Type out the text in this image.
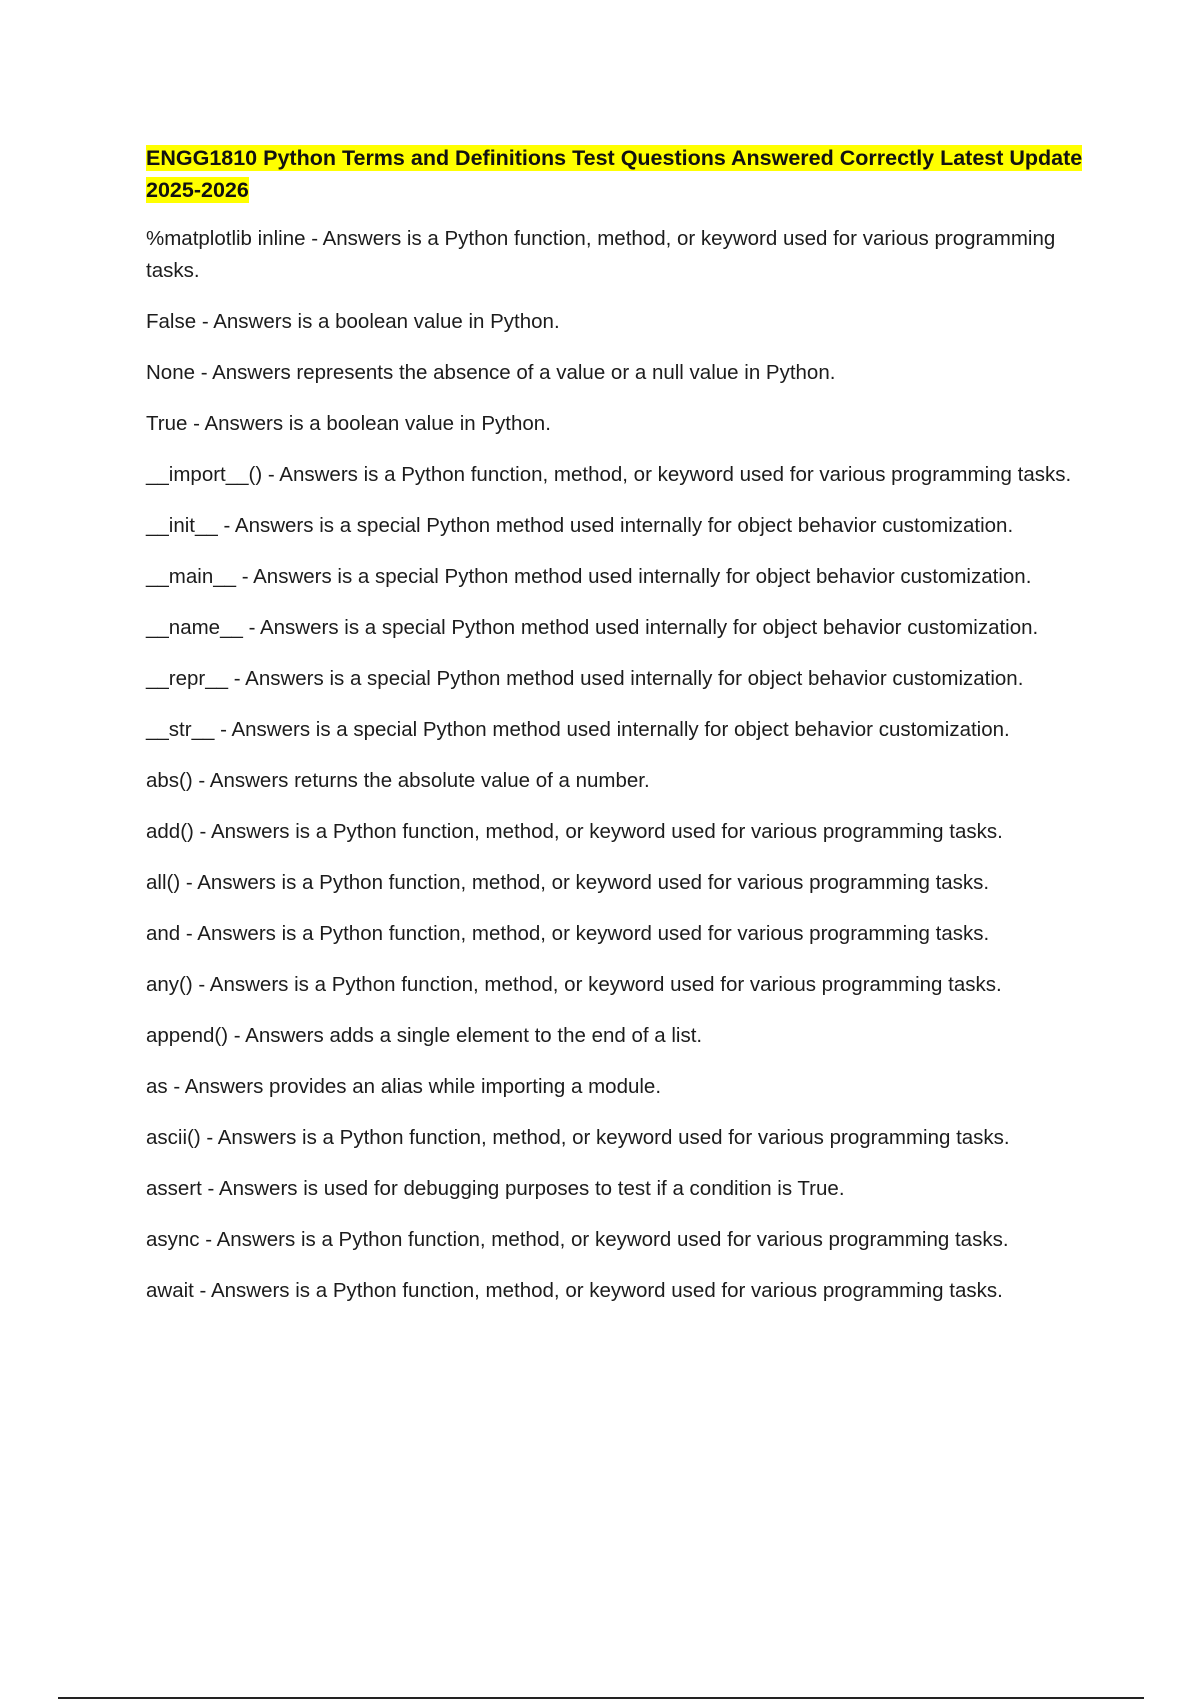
ENGG1810 Python Terms and Definitions Test Questions Answered Correctly Latest Update 2025-2026
%matplotlib inline - Answers is a Python function, method, or keyword used for various programming tasks.
False - Answers is a boolean value in Python.
None - Answers represents the absence of a value or a null value in Python.
True - Answers is a boolean value in Python.
__import__() - Answers is a Python function, method, or keyword used for various programming tasks.
__init__ - Answers is a special Python method used internally for object behavior customization.
__main__ - Answers is a special Python method used internally for object behavior customization.
__name__ - Answers is a special Python method used internally for object behavior customization.
__repr__ - Answers is a special Python method used internally for object behavior customization.
__str__ - Answers is a special Python method used internally for object behavior customization.
abs() - Answers returns the absolute value of a number.
add() - Answers is a Python function, method, or keyword used for various programming tasks.
all() - Answers is a Python function, method, or keyword used for various programming tasks.
and - Answers is a Python function, method, or keyword used for various programming tasks.
any() - Answers is a Python function, method, or keyword used for various programming tasks.
append() - Answers adds a single element to the end of a list.
as - Answers provides an alias while importing a module.
ascii() - Answers is a Python function, method, or keyword used for various programming tasks.
assert - Answers is used for debugging purposes to test if a condition is True.
async - Answers is a Python function, method, or keyword used for various programming tasks.
await - Answers is a Python function, method, or keyword used for various programming tasks.
